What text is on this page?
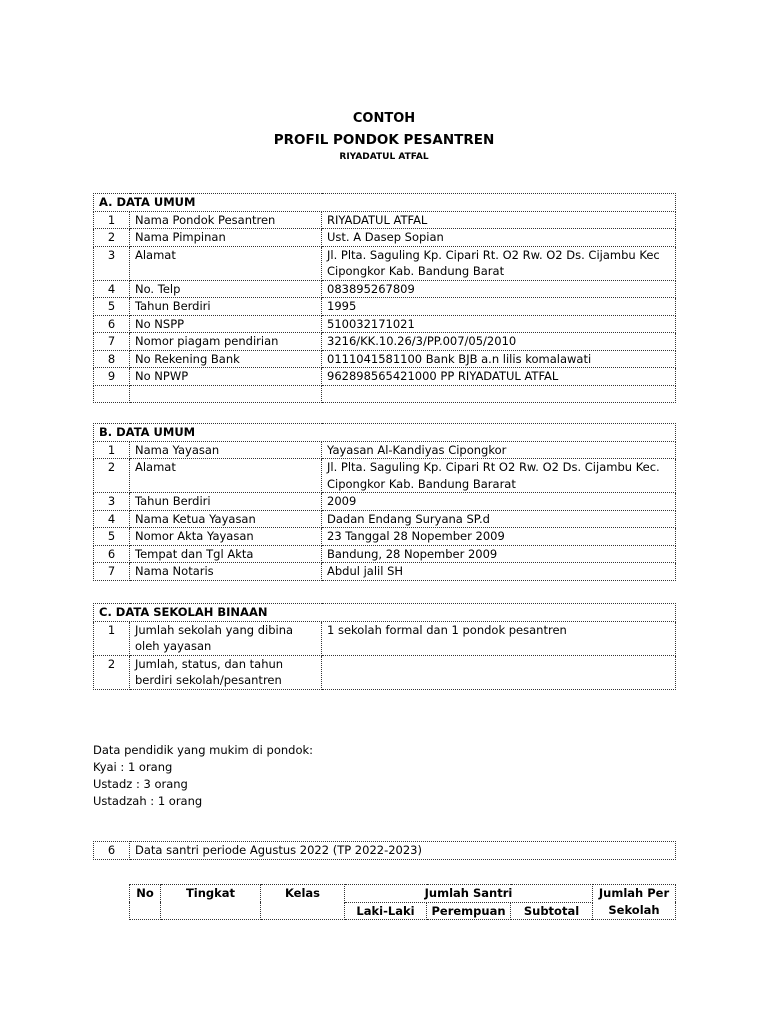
CONTOH
PROFIL PONDOK PESANTREN
RIYADATUL ATFAL
A. DATA UMUM		
1	Nama Pondok Pesantren	RIYADATUL ATFAL
2	Nama Pimpinan	Ust. A Dasep Sopian
3	Alamat	Jl. Plta. Saguling Kp. Cipari Rt. O2 Rw. O2 Ds. Cijambu Kec Cipongkor Kab. Bandung Barat
4	No. Telp	083895267809
5	Tahun Berdiri	1995
6	No NSPP	510032171021
7	Nomor piagam pendirian	3216/KK.10.26/3/PP.007/05/2010
8	No Rekening Bank	0111041581100 Bank BJB a.n lilis komalawati
9	No NPWP	962898565421000 PP RIYADATUL ATFAL

B. DATA UMUM		
1	Nama Yayasan	Yayasan Al-Kandiyas Cipongkor
2	Alamat	Jl. Plta. Saguling Kp. Cipari Rt O2 Rw. O2 Ds. Cijambu Kec. Cipongkor Kab. Bandung Bararat
3	Tahun Berdiri	2009
4	Nama Ketua Yayasan	Dadan Endang Suryana SP.d
5	Nomor Akta Yayasan	23 Tanggal 28 Nopember 2009
6	Tempat dan Tgl Akta	Bandung, 28 Nopember 2009
7	Nama Notaris	Abdul jalil SH
C. DATA SEKOLAH BINAAN		
1	Jumlah sekolah yang dibina oleh yayasan	1 sekolah formal dan 1 pondok pesantren
2	Jumlah, status, dan tahun berdiri sekolah/pesantren	
Data pendidik yang mukim di pondok:
Kyai : 1 orang
Ustadz : 3 orang
Ustadzah : 1 orang
6	Data santri periode Agustus 2022 (TP 2022-2023)
No	Tingkat	Kelas	Jumlah Santri			Jumlah Per Sekolah
			Laki-Laki	Perempuan	Subtotal	
